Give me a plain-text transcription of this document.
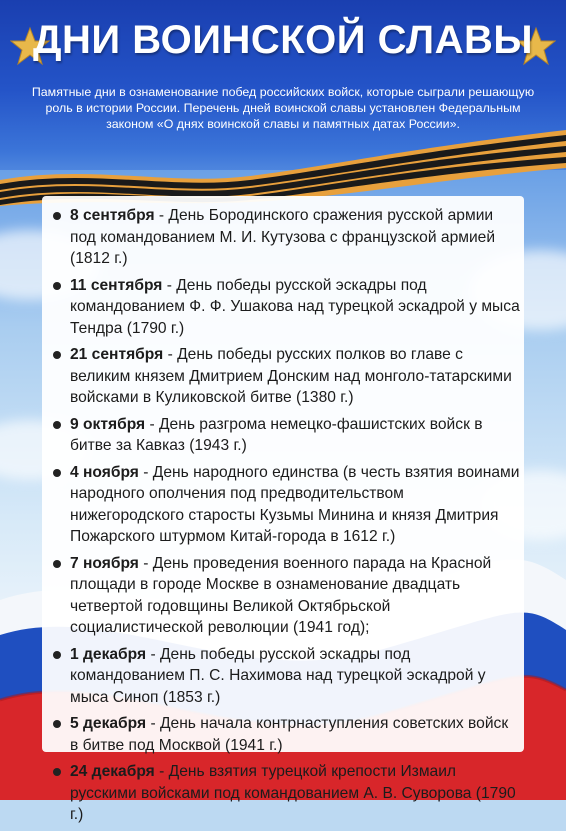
ДНИ ВОИНСКОЙ СЛАВЫ
Памятные дни в ознаменование побед российских войск, которые сыграли решающую роль в истории России. Перечень дней воинской славы установлен Федеральным законом «О днях воинской славы и памятных датах России».
8 сентября - День Бородинского сражения русской армии под командованием М. И. Кутузова с французской армией (1812 г.)
11 сентября - День победы русской эскадры под командованием Ф. Ф. Ушакова над турецкой эскадрой у мыса Тендра (1790 г.)
21 сентября - День победы русских полков во главе с великим князем Дмитрием Донским над монголо-татарскими войсками в Куликовской битве (1380 г.)
9 октября - День разгрома немецко-фашистских войск в битве за Кавказ (1943 г.)
4 ноября - День народного единства (в честь взятия воинами народного ополчения под предводительством нижегородского старосты Кузьмы Минина и князя Дмитрия Пожарского штурмом Китай-города в 1612 г.)
7 ноября - День проведения военного парада на Красной площади в городе Москве в ознаменование двадцать четвертой годовщины Великой Октябрьской социалистической революции (1941 год);
1 декабря - День победы русской эскадры под командованием П. С. Нахимова над турецкой эскадрой у мыса Синоп (1853 г.)
5 декабря - День начала контрнаступления советских войск в битве под Москвой (1941 г.)
24 декабря - День взятия турецкой крепости Измаил русскими войсками под командованием А. В. Суворова (1790 г.)
